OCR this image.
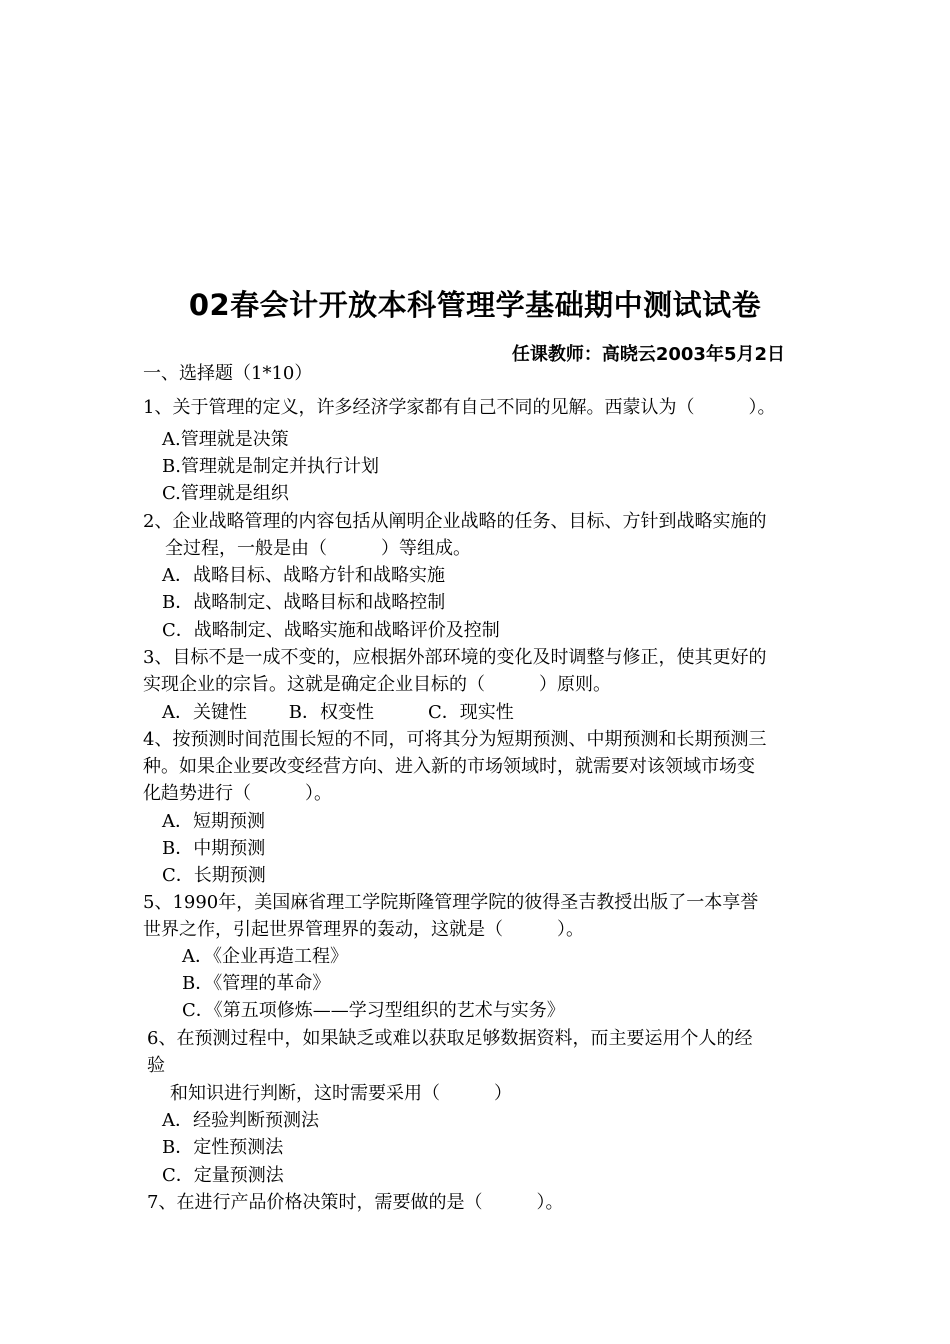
02春会计开放本科管理学基础期中测试试卷
任课教师：高晓云2003年5月2日
一、选择题（1*10）
1、关于管理的定义，许多经济学家都有自己不同的见解。西蒙认为（　　　）。
A.管理就是决策
B.管理就是制定并执行计划
C.管理就是组织
2、企业战略管理的内容包括从阐明企业战略的任务、目标、方针到战略实施的
全过程，一般是由（　　　）等组成。
A．战略目标、战略方针和战略实施
B．战略制定、战略目标和战略控制
C．战略制定、战略实施和战略评价及控制
3、目标不是一成不变的，应根据外部环境的变化及时调整与修正，使其更好的
实现企业的宗旨。这就是确定企业目标的（　　　）原则。
A．关键性　　 B．权变性　　　C．现实性
4、按预测时间范围长短的不同，可将其分为短期预测、中期预测和长期预测三
种。如果企业要改变经营方向、进入新的市场领域时，就需要对该领域市场变
化趋势进行（　　　）。
A．短期预测
B．中期预测
C．长期预测
5、1990年，美国麻省理工学院斯隆管理学院的彼得圣吉教授出版了一本享誉
世界之作，引起世界管理界的轰动，这就是（　　　）。
A．《企业再造工程》
B．《管理的革命》
C．《第五项修炼——学习型组织的艺术与实务》
6、在预测过程中，如果缺乏或难以获取足够数据资料，而主要运用个人的经
验
和知识进行判断，这时需要采用（　　　）
A．经验判断预测法
B．定性预测法
C．定量预测法
7、在进行产品价格决策时，需要做的是（　　　）。
